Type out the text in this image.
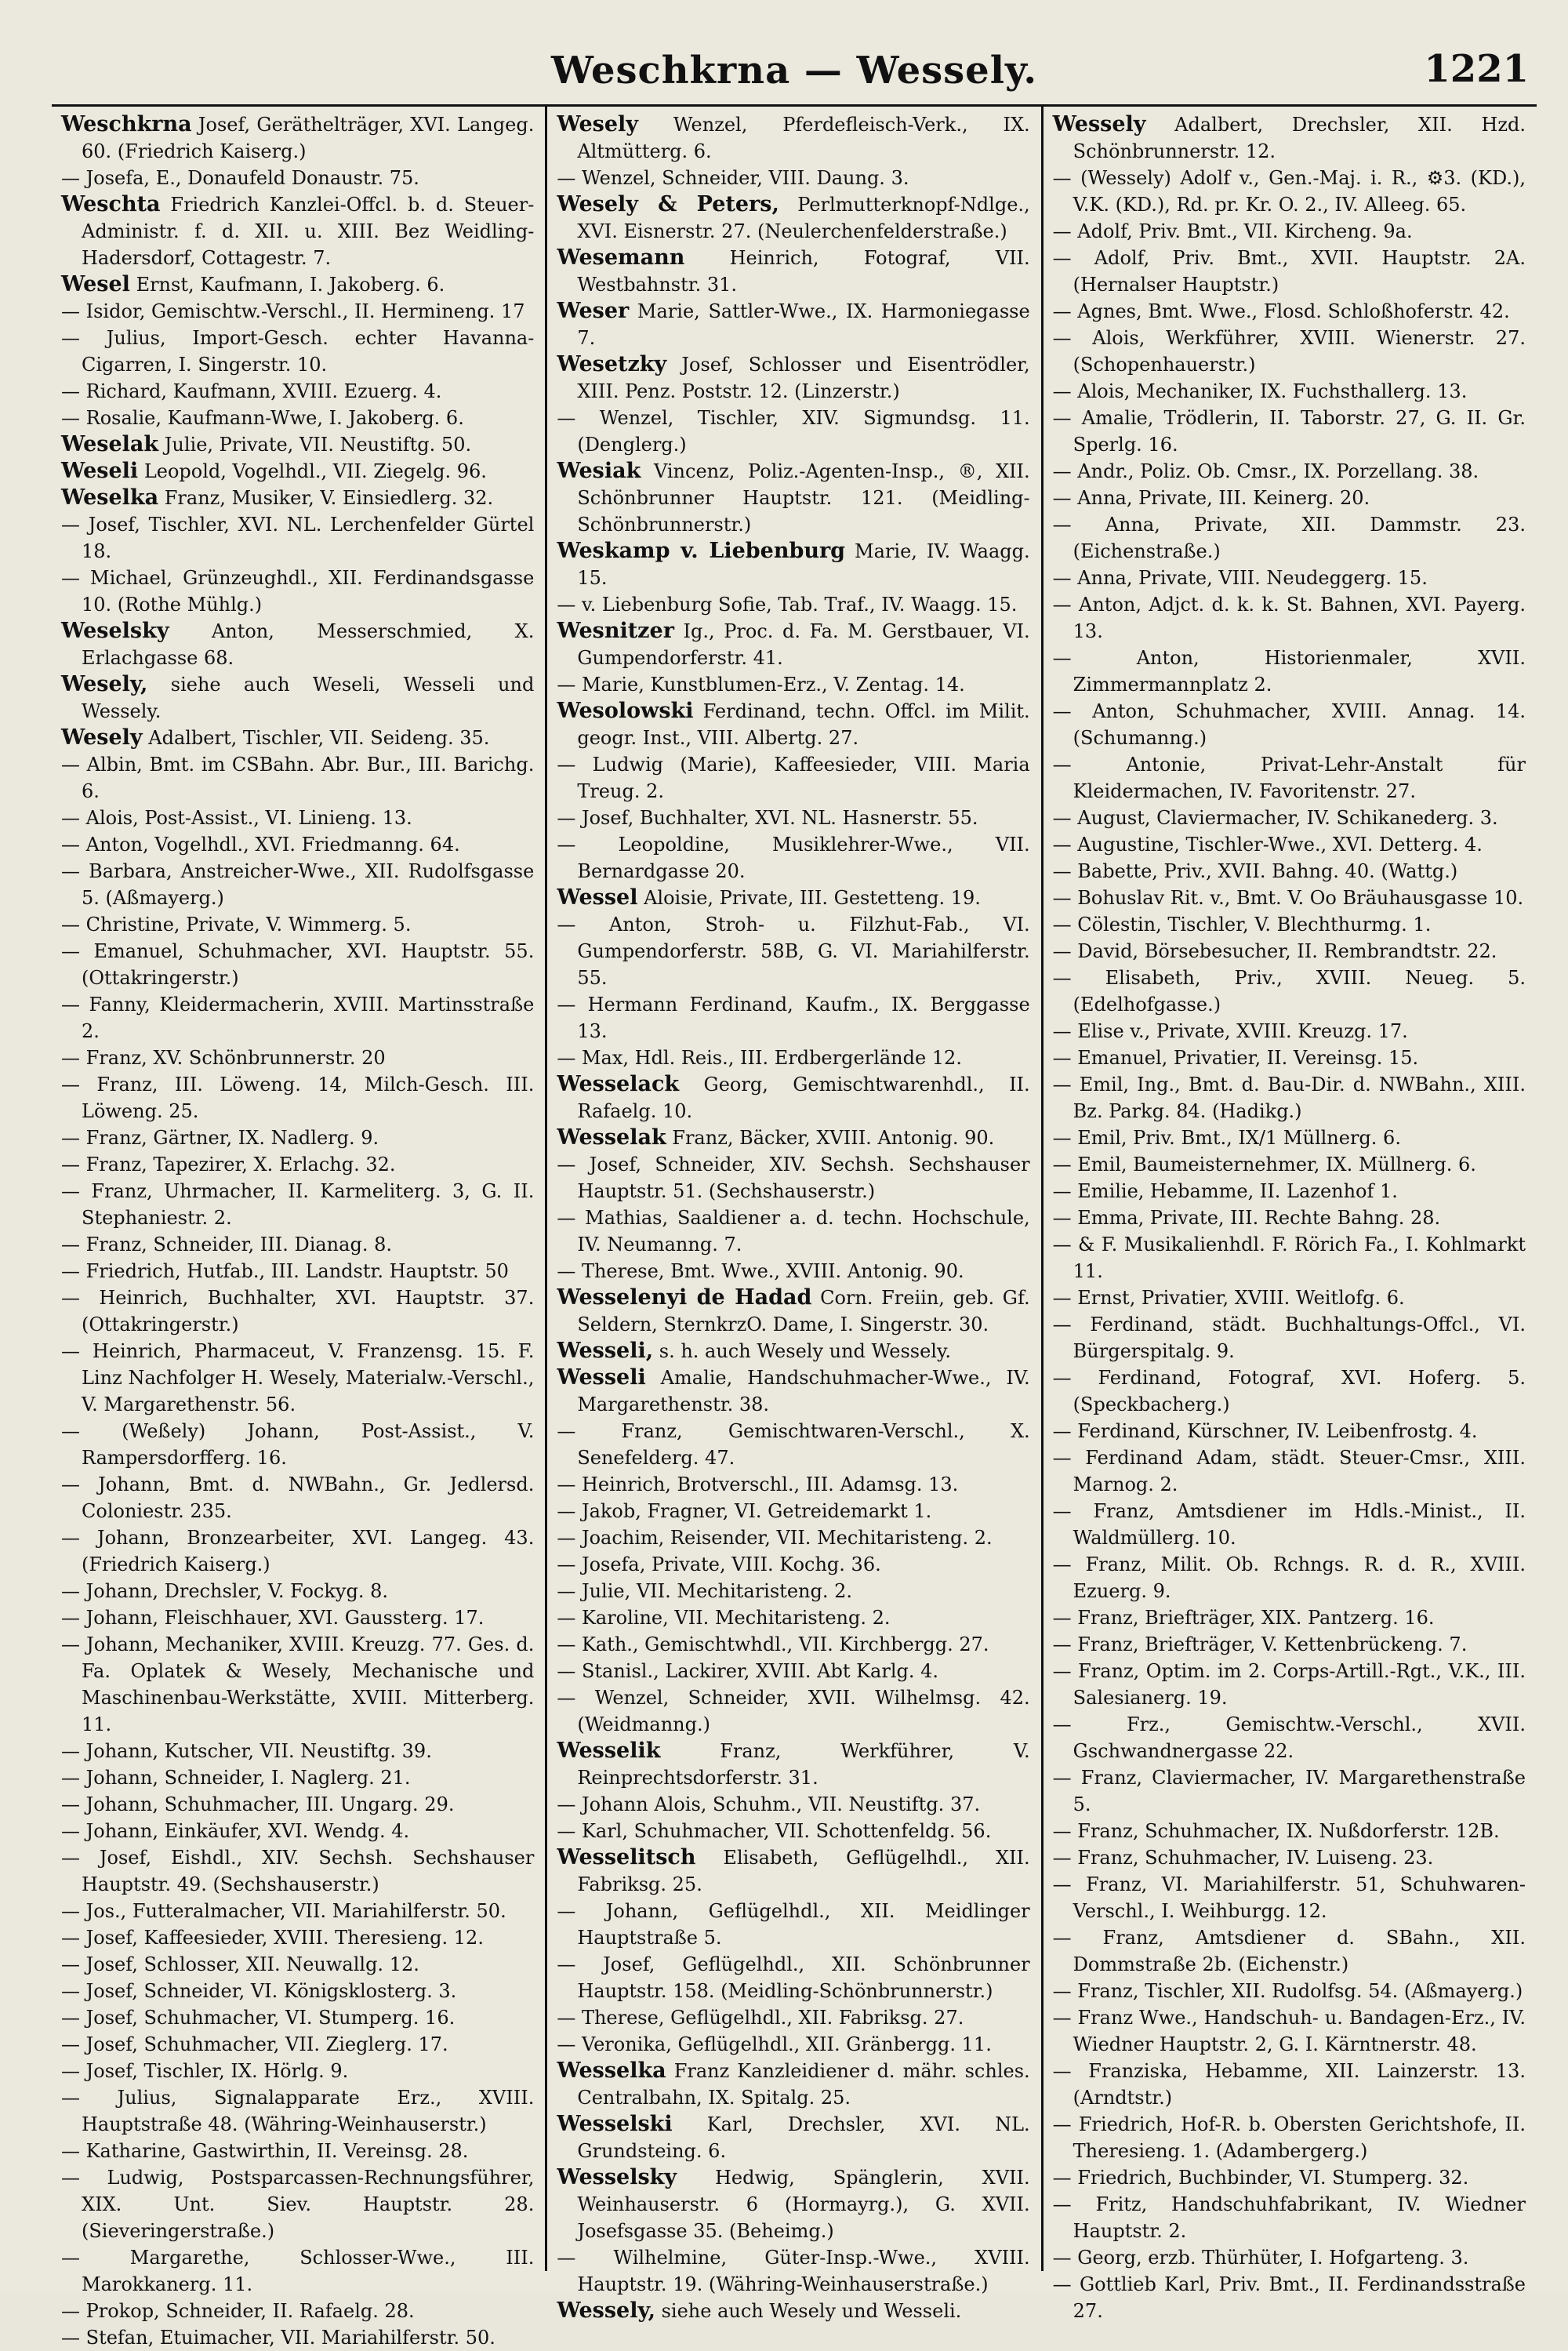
Weschkrna — Wessely.	1221

Weschkrna Josef, Geräthelträger, XVI. Langeg. 60. (Friedrich Kaiserg.)

— Josefa, E., Donaufeld Donaustr. 75.

Weschta Friedrich Kanzlei-Offcl. b. d. Steuer-Administr. f. d. XII. u. XIII. Bez Weidling-Hadersdorf, Cottagestr. 7.

Wesel Ernst, Kaufmann, I. Jakoberg. 6.

— Isidor, Gemischtw.-Verschl., II. Hermineng. 17

— Julius, Import-Gesch. echter Havanna-Cigarren, I. Singerstr. 10.

— Richard, Kaufmann, XVIII. Ezuerg. 4.

— Rosalie, Kaufmann-Wwe, I. Jakoberg. 6.

Weselak Julie, Private, VII. Neustiftg. 50.

Weseli Leopold, Vogelhdl., VII. Ziegelg. 96.

Weselka Franz, Musiker, V. Einsiedlerg. 32.

— Josef, Tischler, XVI. NL. Lerchenfelder Gürtel 18.

— Michael, Grünzeughdl., XII. Ferdinandsgasse 10. (Rothe Mühlg.)

Weselsky Anton, Messerschmied, X. Erlachgasse 68.

Wesely, siehe auch Weseli, Wesseli und Wessely.

Wesely Adalbert, Tischler, VII. Seideng. 35.

— Albin, Bmt. im CSBahn. Abr. Bur., III. Barichg. 6.

— Alois, Post-Assist., VI. Linieng. 13.

— Anton, Vogelhdl., XVI. Friedmanng. 64.

— Barbara, Anstreicher-Wwe., XII. Rudolfsgasse 5. (Aßmayerg.)

— Christine, Private, V. Wimmerg. 5.

— Emanuel, Schuhmacher, XVI. Hauptstr. 55. (Ottakringerstr.)

— Fanny, Kleidermacherin, XVIII. Martinsstraße 2.

— Franz, XV. Schönbrunnerstr. 20

— Franz, III. Löweng. 14, Milch-Gesch. III. Löweng. 25.

— Franz, Gärtner, IX. Nadlerg. 9.

— Franz, Tapezirer, X. Erlachg. 32.

— Franz, Uhrmacher, II. Karmeliterg. 3, G. II. Stephaniestr. 2.

— Franz, Schneider, III. Dianag. 8.

— Friedrich, Hutfab., III. Landstr. Hauptstr. 50

— Heinrich, Buchhalter, XVI. Hauptstr. 37. (Ottakringerstr.)

— Heinrich, Pharmaceut, V. Franzensg. 15. F. Linz Nachfolger H. Wesely, Materialw.-Verschl., V. Margarethenstr. 56.

— (Weßely) Johann, Post-Assist., V. Rampersdorfferg. 16.

— Johann, Bmt. d. NWBahn., Gr. Jedlersd. Coloniestr. 235.

— Johann, Bronzearbeiter, XVI. Langeg. 43. (Friedrich Kaiserg.)

— Johann, Drechsler, V. Fockyg. 8.

— Johann, Fleischhauer, XVI. Gaussterg. 17.

— Johann, Mechaniker, XVIII. Kreuzg. 77. Ges. d. Fa. Oplatek & Wesely, Mechanische und Maschinenbau-Werkstätte, XVIII. Mitterberg. 11.

— Johann, Kutscher, VII. Neustiftg. 39.

— Johann, Schneider, I. Naglerg. 21.

— Johann, Schuhmacher, III. Ungarg. 29.

— Johann, Einkäufer, XVI. Wendg. 4.

— Josef, Eishdl., XIV. Sechsh. Sechshauser Hauptstr. 49. (Sechshauserstr.)

— Jos., Futteralmacher, VII. Mariahilferstr. 50.

— Josef, Kaffeesieder, XVIII. Theresieng. 12.

— Josef, Schlosser, XII. Neuwallg. 12.

— Josef, Schneider, VI. Königsklosterg. 3.

— Josef, Schuhmacher, VI. Stumperg. 16.

— Josef, Schuhmacher, VII. Zieglerg. 17.

— Josef, Tischler, IX. Hörlg. 9.

— Julius, Signalapparate Erz., XVIII. Hauptstraße 48. (Währing-Weinhauserstr.)

— Katharine, Gastwirthin, II. Vereinsg. 28.

— Ludwig, Postsparcassen-Rechnungsführer, XIX. Unt. Siev. Hauptstr. 28. (Sieveringerstraße.)

— Margarethe, Schlosser-Wwe., III. Marokkanerg. 11.

— Prokop, Schneider, II. Rafaelg. 28.

— Stefan, Etuimacher, VII. Mariahilferstr. 50.

Wesely Wenzel, Pferdefleisch-Verk., IX. Altmütterg. 6.

— Wenzel, Schneider, VIII. Daung. 3.

Wesely & Peters, Perlmutterknopf-Ndlge., XVI. Eisnerstr. 27. (Neulerchenfelderstraße.)

Wesemann Heinrich, Fotograf, VII. Westbahnstr. 31.

Weser Marie, Sattler-Wwe., IX. Harmoniegasse 7.

Wesetzky Josef, Schlosser und Eisentrödler, XIII. Penz. Poststr. 12. (Linzerstr.)

— Wenzel, Tischler, XIV. Sigmundsg. 11. (Denglerg.)

Wesiak Vincenz, Poliz.-Agenten-Insp., ®, XII. Schönbrunner Hauptstr. 121. (Meidling-Schönbrunnerstr.)

Weskamp v. Liebenburg Marie, IV. Waagg. 15.

— v. Liebenburg Sofie, Tab. Traf., IV. Waagg. 15.

Wesnitzer Ig., Proc. d. Fa. M. Gerstbauer, VI. Gumpendorferstr. 41.

— Marie, Kunstblumen-Erz., V. Zentag. 14.

Wesolowski Ferdinand, techn. Offcl. im Milit. geogr. Inst., VIII. Albertg. 27.

— Ludwig (Marie), Kaffeesieder, VIII. Maria Treug. 2.

— Josef, Buchhalter, XVI. NL. Hasnerstr. 55.

— Leopoldine, Musiklehrer-Wwe., VII. Bernardgasse 20.

Wessel Aloisie, Private, III. Gestetteng. 19.

— Anton, Stroh- u. Filzhut-Fab., VI. Gumpendorferstr. 58B, G. VI. Mariahilferstr. 55.

— Hermann Ferdinand, Kaufm., IX. Berggasse 13.

— Max, Hdl. Reis., III. Erdbergerlände 12.

Wesselack Georg, Gemischtwarenhdl., II. Rafaelg. 10.

Wesselak Franz, Bäcker, XVIII. Antonig. 90.

— Josef, Schneider, XIV. Sechsh. Sechshauser Hauptstr. 51. (Sechshauserstr.)

— Mathias, Saaldiener a. d. techn. Hochschule, IV. Neumanng. 7.

— Therese, Bmt. Wwe., XVIII. Antonig. 90.

Wesselenyi de Hadad Corn. Freiin, geb. Gf. Seldern, SternkrzO. Dame, I. Singerstr. 30.

Wesseli, s. h. auch Wesely und Wessely.

Wesseli Amalie, Handschuhmacher-Wwe., IV. Margarethenstr. 38.

— Franz, Gemischtwaren-Verschl., X. Senefelderg. 47.

— Heinrich, Brotverschl., III. Adamsg. 13.

— Jakob, Fragner, VI. Getreidemarkt 1.

— Joachim, Reisender, VII. Mechitaristeng. 2.

— Josefa, Private, VIII. Kochg. 36.

— Julie, VII. Mechitaristeng. 2.

— Karoline, VII. Mechitaristeng. 2.

— Kath., Gemischtwhdl., VII. Kirchbergg. 27.

— Stanisl., Lackirer, XVIII. Abt Karlg. 4.

— Wenzel, Schneider, XVII. Wilhelmsg. 42. (Weidmanng.)

Wesselik Franz, Werkführer, V. Reinprechtsdorferstr. 31.

— Johann Alois, Schuhm., VII. Neustiftg. 37.

— Karl, Schuhmacher, VII. Schottenfeldg. 56.

Wesselitsch Elisabeth, Geflügelhdl., XII. Fabriksg. 25.

— Johann, Geflügelhdl., XII. Meidlinger Hauptstraße 5.

— Josef, Geflügelhdl., XII. Schönbrunner Hauptstr. 158. (Meidling-Schönbrunnerstr.)

— Therese, Geflügelhdl., XII. Fabriksg. 27.

— Veronika, Geflügelhdl., XII. Gränbergg. 11.

Wesselka Franz Kanzleidiener d. mähr. schles. Centralbahn, IX. Spitalg. 25.

Wesselski Karl, Drechsler, XVI. NL. Grundsteing. 6.

Wesselsky Hedwig, Spänglerin, XVII. Weinhauserstr. 6 (Hormayrg.), G. XVII. Josefsgasse 35. (Beheimg.)

— Wilhelmine, Güter-Insp.-Wwe., XVIII. Hauptstr. 19. (Währing-Weinhauserstraße.)

Wessely, siehe auch Wesely und Wesseli.

Wessely Adalbert, Drechsler, XII. Hzd. Schönbrunnerstr. 12.

— (Wessely) Adolf v., Gen.-Maj. i. R., ⚙3. (KD.), V.K. (KD.), Rd. pr. Kr. O. 2., IV. Alleeg. 65.

— Adolf, Priv. Bmt., VII. Kircheng. 9a.

— Adolf, Priv. Bmt., XVII. Hauptstr. 2A. (Hernalser Hauptstr.)

— Agnes, Bmt. Wwe., Flosd. Schloßhoferstr. 42.

— Alois, Werkführer, XVIII. Wienerstr. 27. (Schopenhauerstr.)

— Alois, Mechaniker, IX. Fuchsthallerg. 13.

— Amalie, Trödlerin, II. Taborstr. 27, G. II. Gr. Sperlg. 16.

— Andr., Poliz. Ob. Cmsr., IX. Porzellang. 38.

— Anna, Private, III. Keinerg. 20.

— Anna, Private, XII. Dammstr. 23. (Eichenstraße.)

— Anna, Private, VIII. Neudeggerg. 15.

— Anton, Adjct. d. k. k. St. Bahnen, XVI. Payerg. 13.

— Anton, Historienmaler, XVII. Zimmermannplatz 2.

— Anton, Schuhmacher, XVIII. Annag. 14. (Schumanng.)

— Antonie, Privat-Lehr-Anstalt für Kleidermachen, IV. Favoritenstr. 27.

— August, Claviermacher, IV. Schikanederg. 3.

— Augustine, Tischler-Wwe., XVI. Detterg. 4.

— Babette, Priv., XVII. Bahng. 40. (Wattg.)

— Bohuslav Rit. v., Bmt. V. Oo Bräuhausgasse 10.

— Cölestin, Tischler, V. Blechthurmg. 1.

— David, Börsebesucher, II. Rembrandtstr. 22.

— Elisabeth, Priv., XVIII. Neueg. 5. (Edelhofgasse.)

— Elise v., Private, XVIII. Kreuzg. 17.

— Emanuel, Privatier, II. Vereinsg. 15.

— Emil, Ing., Bmt. d. Bau-Dir. d. NWBahn., XIII. Bz. Parkg. 84. (Hadikg.)

— Emil, Priv. Bmt., IX/1 Müllnerg. 6.

— Emil, Baumeisternehmer, IX. Müllnerg. 6.

— Emilie, Hebamme, II. Lazenhof 1.

— Emma, Private, III. Rechte Bahng. 28.

— & F. Musikalienhdl. F. Rörich Fa., I. Kohlmarkt 11.

— Ernst, Privatier, XVIII. Weitlofg. 6.

— Ferdinand, städt. Buchhaltungs-Offcl., VI. Bürgerspitalg. 9.

— Ferdinand, Fotograf, XVI. Hoferg. 5. (Speckbacherg.)

— Ferdinand, Kürschner, IV. Leibenfrostg. 4.

— Ferdinand Adam, städt. Steuer-Cmsr., XIII. Marnog. 2.

— Franz, Amtsdiener im Hdls.-Minist., II. Waldmüllerg. 10.

— Franz, Milit. Ob. Rchngs. R. d. R., XVIII. Ezuerg. 9.

— Franz, Briefträger, XIX. Pantzerg. 16.

— Franz, Briefträger, V. Kettenbrückeng. 7.

— Franz, Optim. im 2. Corps-Artill.-Rgt., V.K., III. Salesianerg. 19.

— Frz., Gemischtw.-Verschl., XVII. Gschwandnergasse 22.

— Franz, Claviermacher, IV. Margarethenstraße 5.

— Franz, Schuhmacher, IX. Nußdorferstr. 12B.

— Franz, Schuhmacher, IV. Luiseng. 23.

— Franz, VI. Mariahilferstr. 51, Schuhwaren-Verschl., I. Weihburgg. 12.

— Franz, Amtsdiener d. SBahn., XII. Dommstraße 2b. (Eichenstr.)

— Franz, Tischler, XII. Rudolfsg. 54. (Aßmayerg.)

— Franz Wwe., Handschuh- u. Bandagen-Erz., IV. Wiedner Hauptstr. 2, G. I. Kärntnerstr. 48.

— Franziska, Hebamme, XII. Lainzerstr. 13. (Arndtstr.)

— Friedrich, Hof-R. b. Obersten Gerichtshofe, II. Theresieng. 1. (Adambergerg.)

— Friedrich, Buchbinder, VI. Stumperg. 32.

— Fritz, Handschuhfabrikant, IV. Wiedner Hauptstr. 2.

— Georg, erzb. Thürhüter, I. Hofgarteng. 3.

— Gottlieb Karl, Priv. Bmt., II. Ferdinandsstraße 27.
